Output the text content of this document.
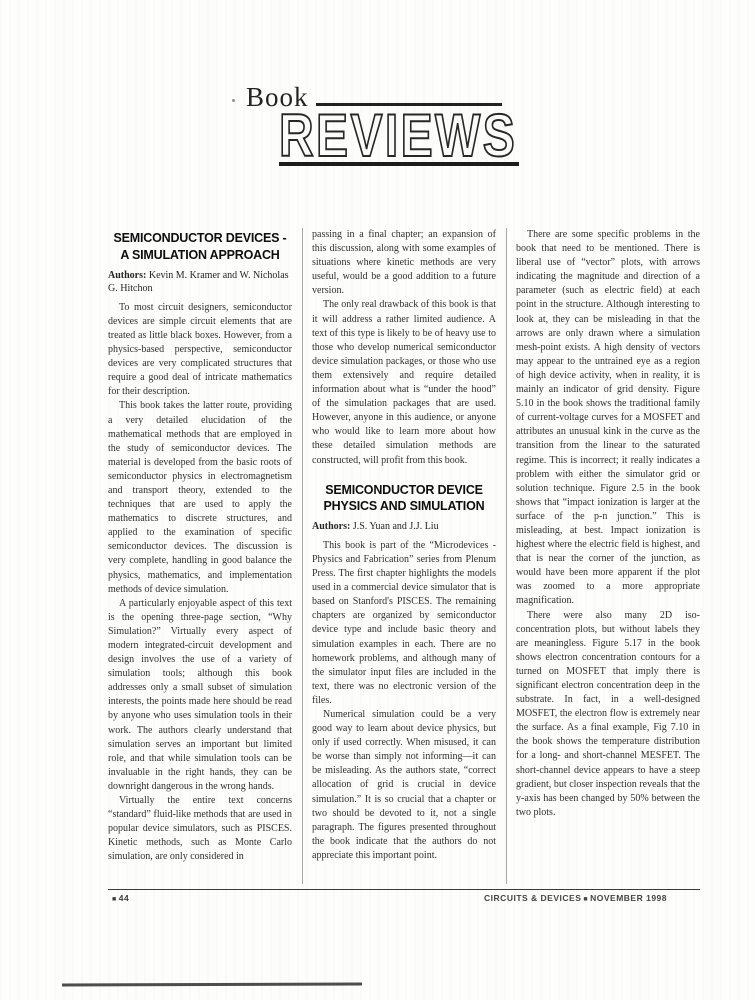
Book
REVIEWS
SEMICONDUCTOR DEVICES - A SIMULATION APPROACH

Authors: Kevin M. Kramer and W. Nicholas G. Hitchon

To most circuit designers, semiconductor devices are simple circuit elements that are treated as little black boxes. However, from a physics-based perspective, semiconductor devices are very complicated structures that require a good deal of intricate mathematics for their description.

This book takes the latter route, providing a very detailed elucidation of the mathematical methods that are employed in the study of semiconductor devices. The material is developed from the basic roots of semiconductor physics in electromagnetism and transport theory, extended to the techniques that are used to apply the mathematics to discrete structures, and applied to the examination of specific semiconductor devices. The discussion is very complete, handling in good balance the physics, mathematics, and implementation methods of device simulation.

A particularly enjoyable aspect of this text is the opening three-page section, “Why Simulation?” Virtually every aspect of modern integrated-circuit development and design involves the use of a variety of simulation tools; although this book addresses only a small subset of simulation interests, the points made here should be read by anyone who uses simulation tools in their work. The authors clearly understand that simulation serves an important but limited role, and that while simulation tools can be invaluable in the right hands, they can be downright dangerous in the wrong hands.

Virtually the entire text concerns “standard” fluid-like methods that are used in popular device simulators, such as PISCES. Kinetic methods, such as Monte Carlo simulation, are only considered in

passing in a final chapter; an expansion of this discussion, along with some examples of situations where kinetic methods are very useful, would be a good addition to a future version.

The only real drawback of this book is that it will address a rather limited audience. A text of this type is likely to be of heavy use to those who develop numerical semiconductor device simulation packages, or those who use them extensively and require detailed information about what is “under the hood” of the simulation packages that are used. However, anyone in this audience, or anyone who would like to learn more about how these detailed simulation methods are constructed, will profit from this book.

SEMICONDUCTOR DEVICE PHYSICS AND SIMULATION

Authors: J.S. Yuan and J.J. Liu

This book is part of the “Microdevices - Physics and Fabrication” series from Plenum Press. The first chapter highlights the models used in a commercial device simulator that is based on Stanford's PISCES. The remaining chapters are organized by semiconductor device type and include basic theory and simulation examples in each. There are no homework problems, and although many of the simulator input files are included in the text, there was no electronic version of the files.

Numerical simulation could be a very good way to learn about device physics, but only if used correctly. When misused, it can be worse than simply not informing—it can be misleading. As the authors state, “correct allocation of grid is crucial in device simulation.” It is so crucial that a chapter or two should be devoted to it, not a single paragraph. The figures presented throughout the book indicate that the authors do not appreciate this important point.

There are some specific problems in the book that need to be mentioned. There is liberal use of “vector” plots, with arrows indicating the magnitude and direction of a parameter (such as electric field) at each point in the structure. Although interesting to look at, they can be misleading in that the arrows are only drawn where a simulation mesh-point exists. A high density of vectors may appear to the untrained eye as a region of high device activity, when in reality, it is mainly an indicator of grid density. Figure 5.10 in the book shows the traditional family of current-voltage curves for a MOSFET and attributes an unusual kink in the curve as the transition from the linear to the saturated regime. This is incorrect; it really indicates a problem with either the simulator grid or solution technique. Figure 2.5 in the book shows that “impact ionization is larger at the surface of the p-n junction.” This is misleading, at best. Impact ionization is highest where the electric field is highest, and that is near the corner of the junction, as would have been more apparent if the plot was zoomed to a more appropriate magnification.

There were also many 2D iso-concentration plots, but without labels they are meaningless. Figure 5.17 in the book shows electron concentration contours for a turned on MOSFET that imply there is significant electron concentration deep in the substrate. In fact, in a well-designed MOSFET, the electron flow is extremely near the surface. As a final example, Fig 7.10 in the book shows the temperature distribution for a long- and short-channel MESFET. The short-channel device appears to have a steep gradient, but closer inspection reveals that the y-axis has been changed by 50% between the two plots.

■ 44	CIRCUITS & DEVICES ■ NOVEMBER 1998
